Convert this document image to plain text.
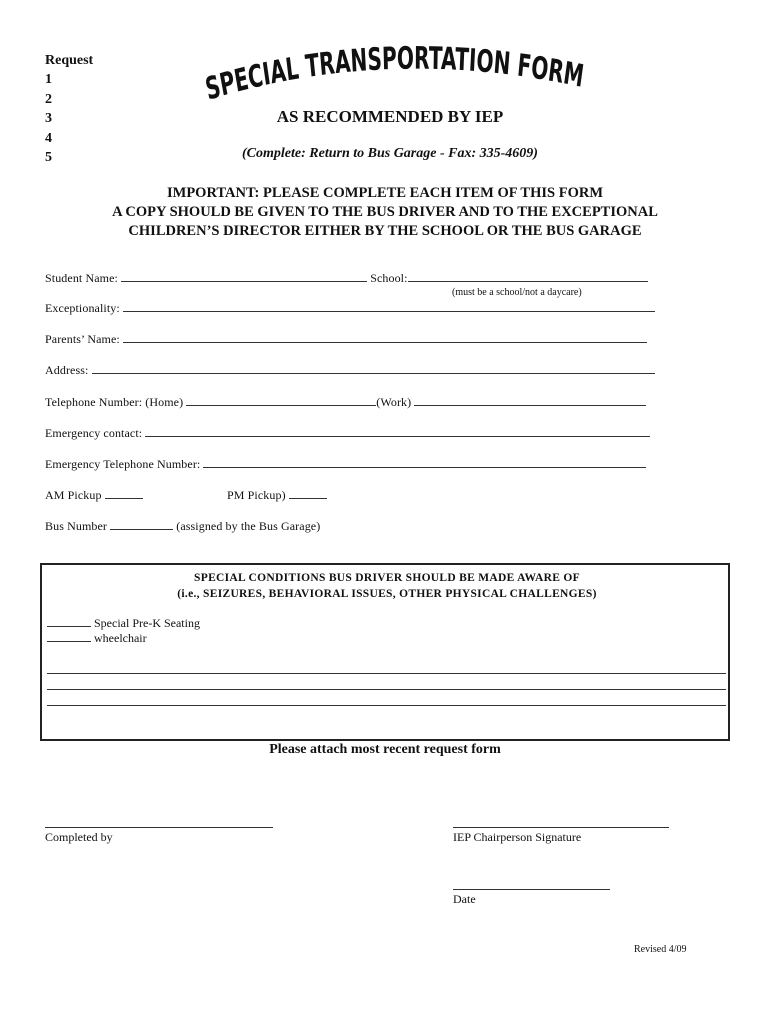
Request
1
2
3
4
5
SPECIAL TRANSPORTATION FORM
AS RECOMMENDED BY IEP
(Complete: Return to Bus Garage - Fax: 335-4609)
IMPORTANT: PLEASE COMPLETE EACH ITEM OF THIS FORM
A COPY SHOULD BE GIVEN TO THE BUS DRIVER AND TO THE EXCEPTIONAL
CHILDREN’S DIRECTOR EITHER BY THE SCHOOL OR THE BUS GARAGE
Student Name:	School:
(must be a school/not a daycare)
Exceptionality:
Parents’ Name:
Address:
Telephone Number: (Home)	(Work)
Emergency contact:
Emergency Telephone Number:
AM Pickup	PM Pickup)
Bus Number	(assigned by the Bus Garage)
SPECIAL CONDITIONS BUS DRIVER SHOULD BE MADE AWARE OF
(i.e., SEIZURES, BEHAVIORAL ISSUES, OTHER PHYSICAL CHALLENGES)
Special Pre-K Seating
wheelchair
Please attach most recent request form
Completed by	IEP Chairperson Signature
Date
Revised 4/09
